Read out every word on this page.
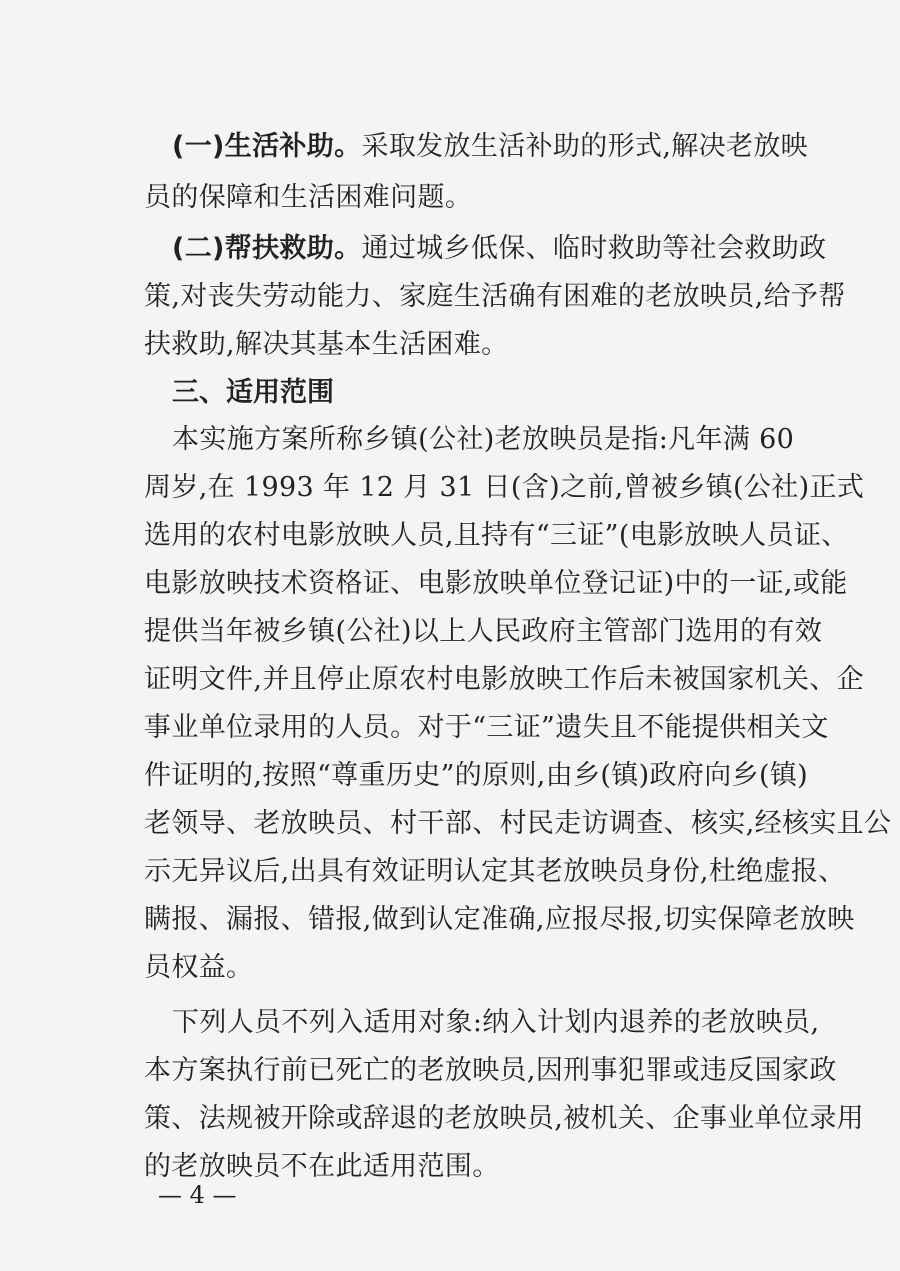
(一)生活补助。采取发放生活补助的形式,解决老放映
员的保障和生活困难问题。
(二)帮扶救助。通过城乡低保、临时救助等社会救助政
策,对丧失劳动能力、家庭生活确有困难的老放映员,给予帮
扶救助,解决其基本生活困难。
三、适用范围
本实施方案所称乡镇(公社)老放映员是指:凡年满 60
周岁,在 1993 年 12 月 31 日(含)之前,曾被乡镇(公社)正式
选用的农村电影放映人员,且持有“三证”(电影放映人员证、
电影放映技术资格证、电影放映单位登记证)中的一证,或能
提供当年被乡镇(公社)以上人民政府主管部门选用的有效
证明文件,并且停止原农村电影放映工作后未被国家机关、企
事业单位录用的人员。对于“三证”遗失且不能提供相关文
件证明的,按照“尊重历史”的原则,由乡(镇)政府向乡(镇)
老领导、老放映员、村干部、村民走访调查、核实,经核实且公
示无异议后,出具有效证明认定其老放映员身份,杜绝虚报、
瞒报、漏报、错报,做到认定准确,应报尽报,切实保障老放映
员权益。
下列人员不列入适用对象:纳入计划内退养的老放映员,
本方案执行前已死亡的老放映员,因刑事犯罪或违反国家政
策、法规被开除或辞退的老放映员,被机关、企事业单位录用
的老放映员不在此适用范围。
— 4 —
